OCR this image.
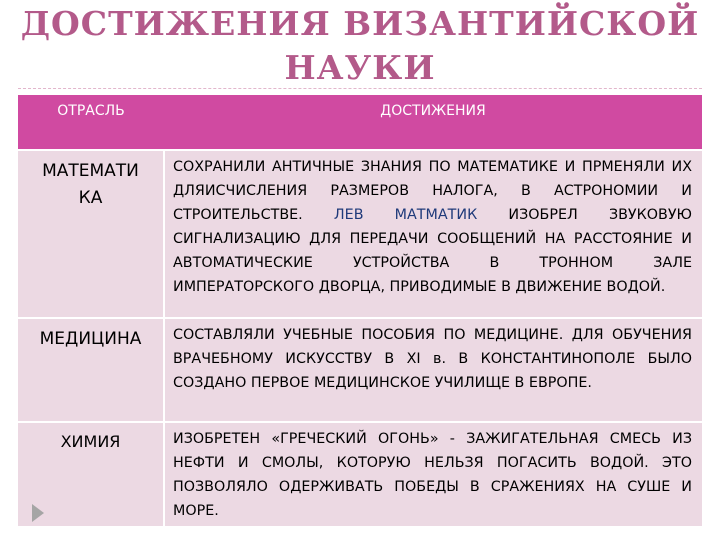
ДОСТИЖЕНИЯ ВИЗАНТИЙСКОЙ
НАУКИ
ОТРАСЛЬ	ДОСТИЖЕНИЯ
МАТЕМАТИ КА	СОХРАНИЛИ АНТИЧНЫЕ ЗНАНИЯ ПО МАТЕМАТИКЕ И ПРМЕНЯЛИ ИХ ДЛЯИСЧИСЛЕНИЯ РАЗМЕРОВ НАЛОГА, В АСТРОНОМИИ И СТРОИТЕЛЬСТВЕ. ЛЕВ МАТМАТИК ИЗОБРЕЛ ЗВУКОВУЮ СИГНАЛИЗАЦИЮ ДЛЯ ПЕРЕДАЧИ СООБЩЕНИЙ НА РАССТОЯНИЕ И АВТОМАТИЧЕСКИЕ УСТРОЙСТВА В ТРОННОМ ЗАЛЕ ИМПЕРАТОРСКОГО ДВОРЦА, ПРИВОДИМЫЕ В ДВИЖЕНИЕ ВОДОЙ.
МЕДИЦИНА	СОСТАВЛЯЛИ УЧЕБНЫЕ ПОСОБИЯ ПО МЕДИЦИНЕ. ДЛЯ ОБУЧЕНИЯ ВРАЧЕБНОМУ ИСКУССТВУ В XI в. В КОНСТАНТИНОПОЛЕ БЫЛО СОЗДАНО ПЕРВОЕ МЕДИЦИНСКОЕ УЧИЛИЩЕ В ЕВРОПЕ.
ХИМИЯ	ИЗОБРЕТЕН «ГРЕЧЕСКИЙ ОГОНЬ» - ЗАЖИГАТЕЛЬНАЯ СМЕСЬ ИЗ НЕФТИ И СМОЛЫ, КОТОРУЮ НЕЛЬЗЯ ПОГАСИТЬ ВОДОЙ. ЭТО ПОЗВОЛЯЛО ОДЕРЖИВАТЬ ПОБЕДЫ В СРАЖЕНИЯХ НА СУШЕ И МОРЕ.
